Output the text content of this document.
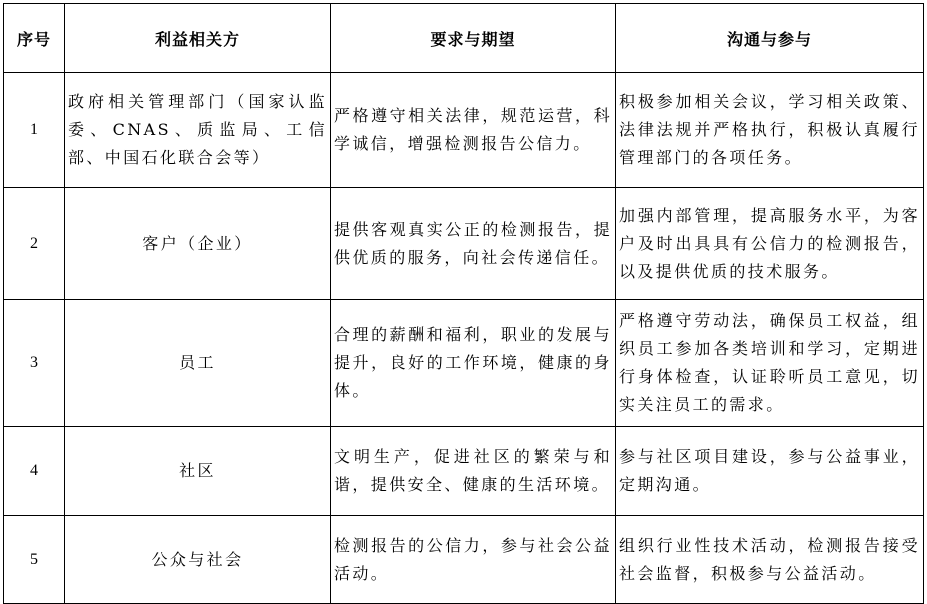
序号	利益相关方	要求与期望	沟通与参与
1	政府相关管理部门（国家认监委、CNAS、质监局、工信部、中国石化联合会等）	严格遵守相关法律，规范运营，科学诚信，增强检测报告公信力。	积极参加相关会议，学习相关政策、法律法规并严格执行，积极认真履行管理部门的各项任务。
2	客户（企业）	提供客观真实公正的检测报告，提供优质的服务，向社会传递信任。	加强内部管理，提高服务水平，为客户及时出具具有公信力的检测报告，以及提供优质的技术服务。
3	员工	合理的薪酬和福利，职业的发展与提升，良好的工作环境，健康的身体。	严格遵守劳动法，确保员工权益，组织员工参加各类培训和学习，定期进行身体检查，认证聆听员工意见，切实关注员工的需求。
4	社区	文明生产，促进社区的繁荣与和谐，提供安全、健康的生活环境。	参与社区项目建设，参与公益事业，定期沟通。
5	公众与社会	检测报告的公信力，参与社会公益活动。	组织行业性技术活动，检测报告接受社会监督，积极参与公益活动。
